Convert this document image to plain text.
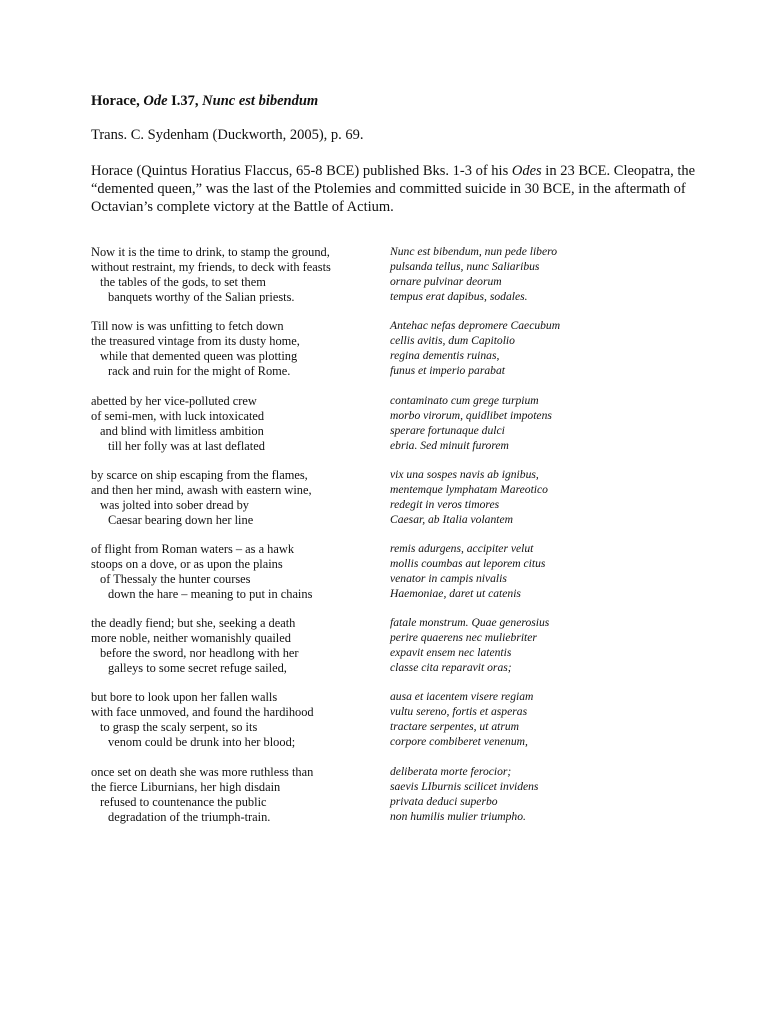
Horace, Ode I.37, Nunc est bibendum
Trans. C. Sydenham (Duckworth, 2005), p. 69.
Horace (Quintus Horatius Flaccus, 65-8 BCE) published Bks. 1-3 of his Odes in 23 BCE. Cleopatra, the
“demented queen,” was the last of the Ptolemies and committed suicide in 30 BCE, in the aftermath of
Octavian’s complete victory at the Battle of Actium.
Now it is the time to drink, to stamp the ground,
without restraint, my friends, to deck with feasts
the tables of the gods, to set them
banquets worthy of the Salian priests.
Nunc est bibendum, nun pede libero
pulsanda tellus, nunc Saliaribus
ornare pulvinar deorum
tempus erat dapibus, sodales.
Till now is was unfitting to fetch down
the treasured vintage from its dusty home,
while that demented queen was plotting
rack and ruin for the might of Rome.
Antehac nefas depromere Caecubum
cellis avitis, dum Capitolio
regina dementis ruinas,
funus et imperio parabat
abetted by her vice-polluted crew
of semi-men, with luck intoxicated
and blind with limitless ambition
till her folly was at last deflated
contaminato cum grege turpium
morbo virorum, quidlibet impotens
sperare fortunaque dulci
ebria. Sed minuit furorem
by scarce on ship escaping from the flames,
and then her mind, awash with eastern wine,
was jolted into sober dread by
Caesar bearing down her line
vix una sospes navis ab ignibus,
mentemque lymphatam Mareotico
redegit in veros timores
Caesar, ab Italia volantem
of flight from Roman waters – as a hawk
stoops on a dove, or as upon the plains
of Thessaly the hunter courses
down the hare – meaning to put in chains
remis adurgens, accipiter velut
mollis coumbas aut leporem citus
venator in campis nivalis
Haemoniae, daret ut catenis
the deadly fiend; but she, seeking a death
more noble, neither womanishly quailed
before the sword, nor headlong with her
galleys to some secret refuge sailed,
fatale monstrum. Quae generosius
perire quaerens nec muliebriter
expavit ensem nec latentis
classe cita reparavit oras;
but bore to look upon her fallen walls
with face unmoved, and found the hardihood
to grasp the scaly serpent, so its
venom could be drunk into her blood;
ausa et iacentem visere regiam
vultu sereno, fortis et asperas
tractare serpentes, ut atrum
corpore combiberet venenum,
once set on death she was more ruthless than
the fierce Liburnians, her high disdain
refused to countenance the public
degradation of the triumph-train.
deliberata morte ferocior;
saevis LIburnis scilicet invidens
privata deduci superbo
non humilis mulier triumpho.
